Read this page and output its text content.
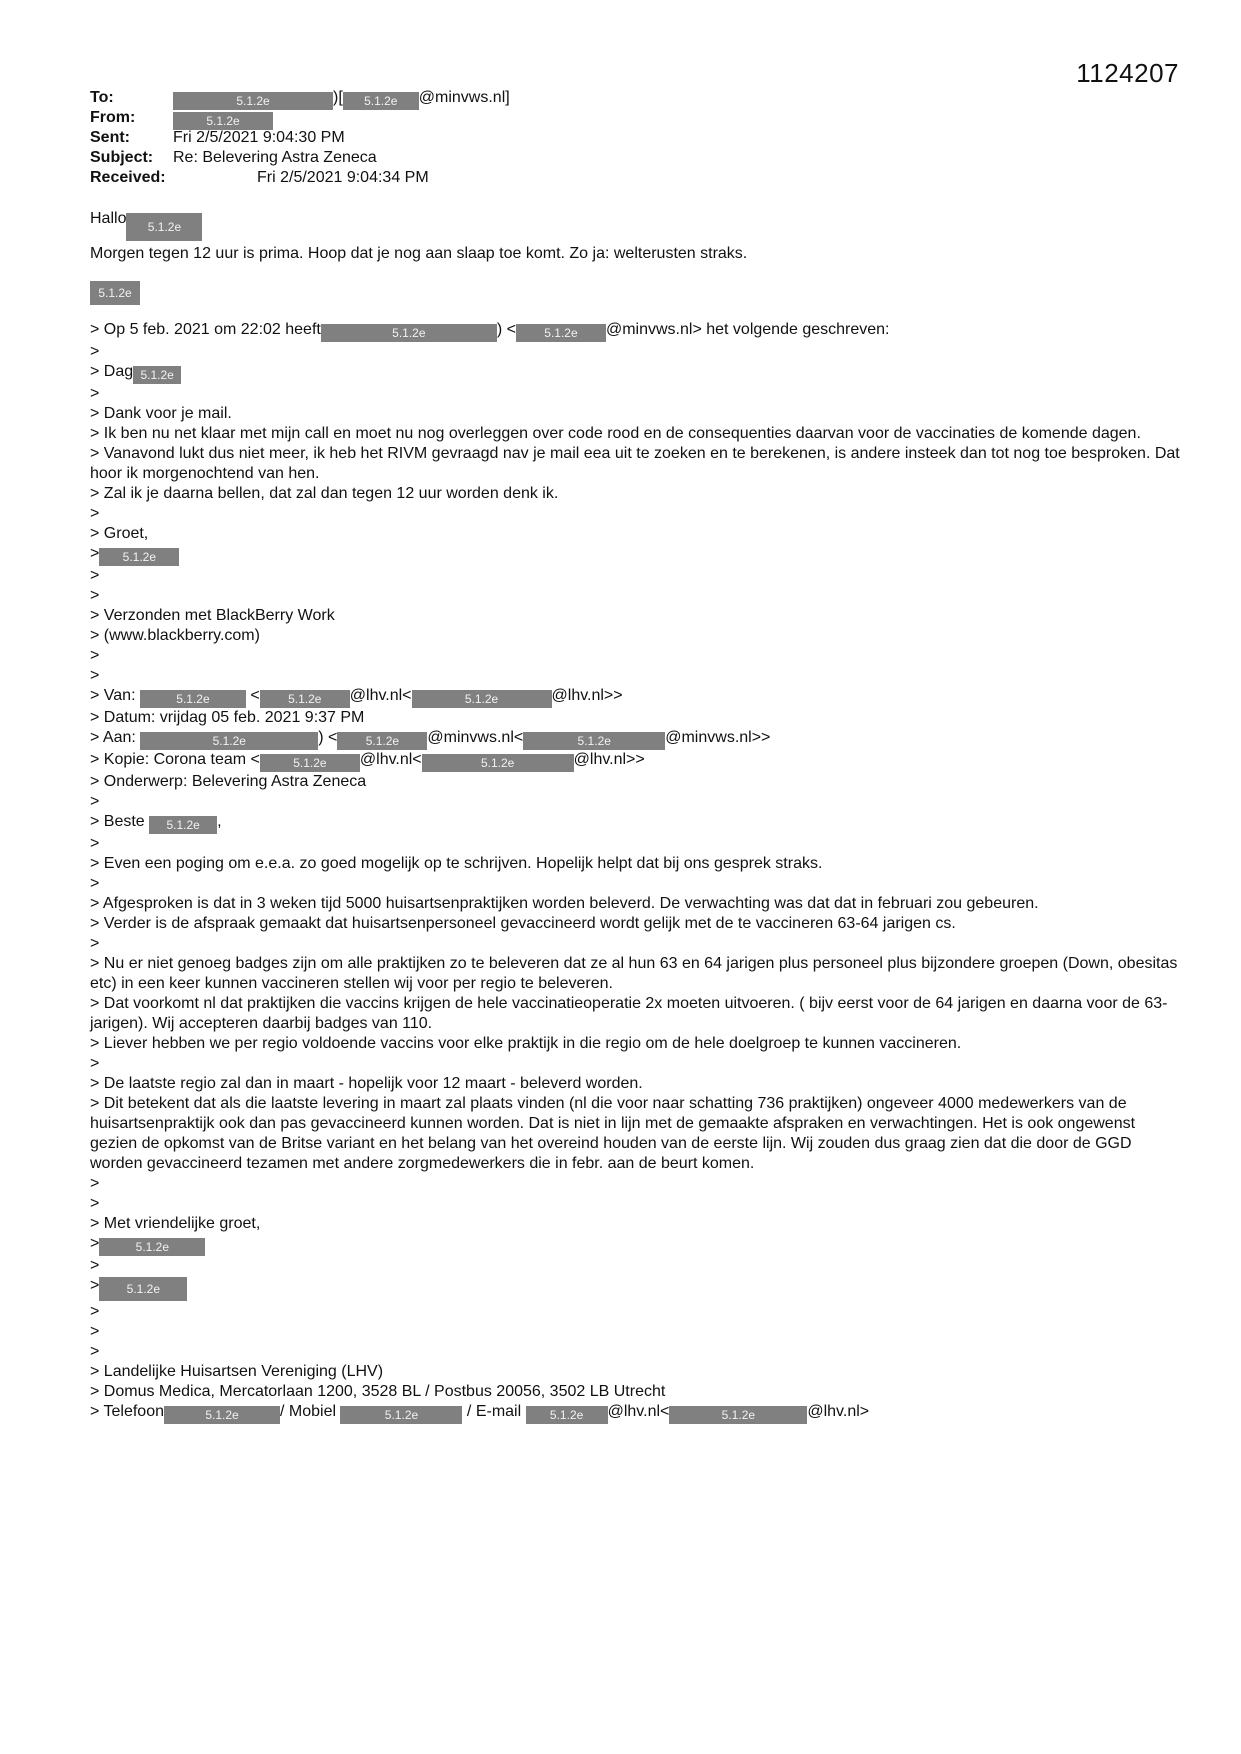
1124207
To:	5.1.2e	)[ 5.1.2e @minvws.nl]
From:	5.1.2e
Sent:	Fri 2/5/2021 9:04:30 PM
Subject:	Re: Belevering Astra Zeneca
Received:	Fri 2/5/2021 9:04:34 PM
Hallo 5.1.2e
Morgen tegen 12 uur is prima. Hoop dat je nog aan slaap toe komt. Zo ja: welterusten straks.
5.1.2e
> Op 5 feb. 2021 om 22:02 heeft	5.1.2e	) < 5.1.2e @minvws.nl> het volgende geschreven:
>
> Dag 5.1.2e
>
> Dank voor je mail.
> Ik ben nu net klaar met mijn call en moet nu nog overleggen over code rood en de consequenties daarvan voor de vaccinaties de komende dagen.
> Vanavond lukt dus niet meer, ik heb het RIVM gevraagd nav je mail eea uit te zoeken en te berekenen, is andere insteek dan tot nog toe besproken. Dat hoor ik morgenochtend van hen.
> Zal ik je daarna bellen, dat zal dan tegen 12 uur worden denk ik.
>
> Groet,
> 5.1.2e
>
>
> Verzonden met BlackBerry Work
> (www.blackberry.com)
>
>
> Van:	5.1.2e	< 5.1.2e @lhv.nl<	5.1.2e	@lhv.nl>>
> Datum: vrijdag 05 feb. 2021 9:37 PM
> Aan:	5.1.2e	) < 5.1.2e @minvws.nl<	5.1.2e	@minvws.nl>>
> Kopie: Corona team <	5.1.2e @lhv.nl<	5.1.2e	@lhv.nl>>
> Onderwerp: Belevering Astra Zeneca
>
> Beste 5.1.2e ,
>
> Even een poging om e.e.a. zo goed mogelijk op te schrijven. Hopelijk helpt dat bij ons gesprek straks.
>
> Afgesproken is dat in 3 weken tijd 5000 huisartsenpraktijken worden beleverd. De verwachting was dat dat in februari zou gebeuren.
> Verder is de afspraak gemaakt dat huisartsenpersoneel gevaccineerd wordt gelijk met de te vaccineren 63-64 jarigen cs.
>
> Nu er niet genoeg badges zijn om alle praktijken zo te beleveren dat ze al hun 63 en 64 jarigen plus personeel plus bijzondere groepen (Down, obesitas etc) in een keer kunnen vaccineren stellen wij voor per regio te beleveren.
> Dat voorkomt nl dat praktijken die vaccins krijgen de hele vaccinatieoperatie 2x moeten uitvoeren. ( bijv eerst voor de 64 jarigen en daarna voor de 63-jarigen). Wij accepteren daarbij badges van 110.
> Liever hebben we per regio voldoende vaccins voor elke praktijk in die regio om de hele doelgroep te kunnen vaccineren.
>
> De laatste regio zal dan in maart - hopelijk voor 12 maart - beleverd worden.
> Dit betekent dat als die laatste levering in maart zal plaats vinden (nl die voor naar schatting 736 praktijken) ongeveer 4000 medewerkers van de huisartsenpraktijk ook dan pas gevaccineerd kunnen worden. Dat is niet in lijn met de gemaakte afspraken en verwachtingen. Het is ook ongewenst gezien de opkomst van de Britse variant en het belang van het overeind houden van de eerste lijn. Wij zouden dus graag zien dat die door de GGD worden gevaccineerd tezamen met andere zorgmedewerkers die in febr. aan de beurt komen.
>
>
> Met vriendelijke groet,
>	5.1.2e
>
> 5.1.2e
>
>
>
> Landelijke Huisartsen Vereniging (LHV)
> Domus Medica, Mercatorlaan 1200, 3528 BL / Postbus 20056, 3502 LB Utrecht
> Telefoon	5.1.2e	/ Mobiel	5.1.2e	/ E-mail 5.1.2e @lhv.nl<	5.1.2e	@lhv.nl>
